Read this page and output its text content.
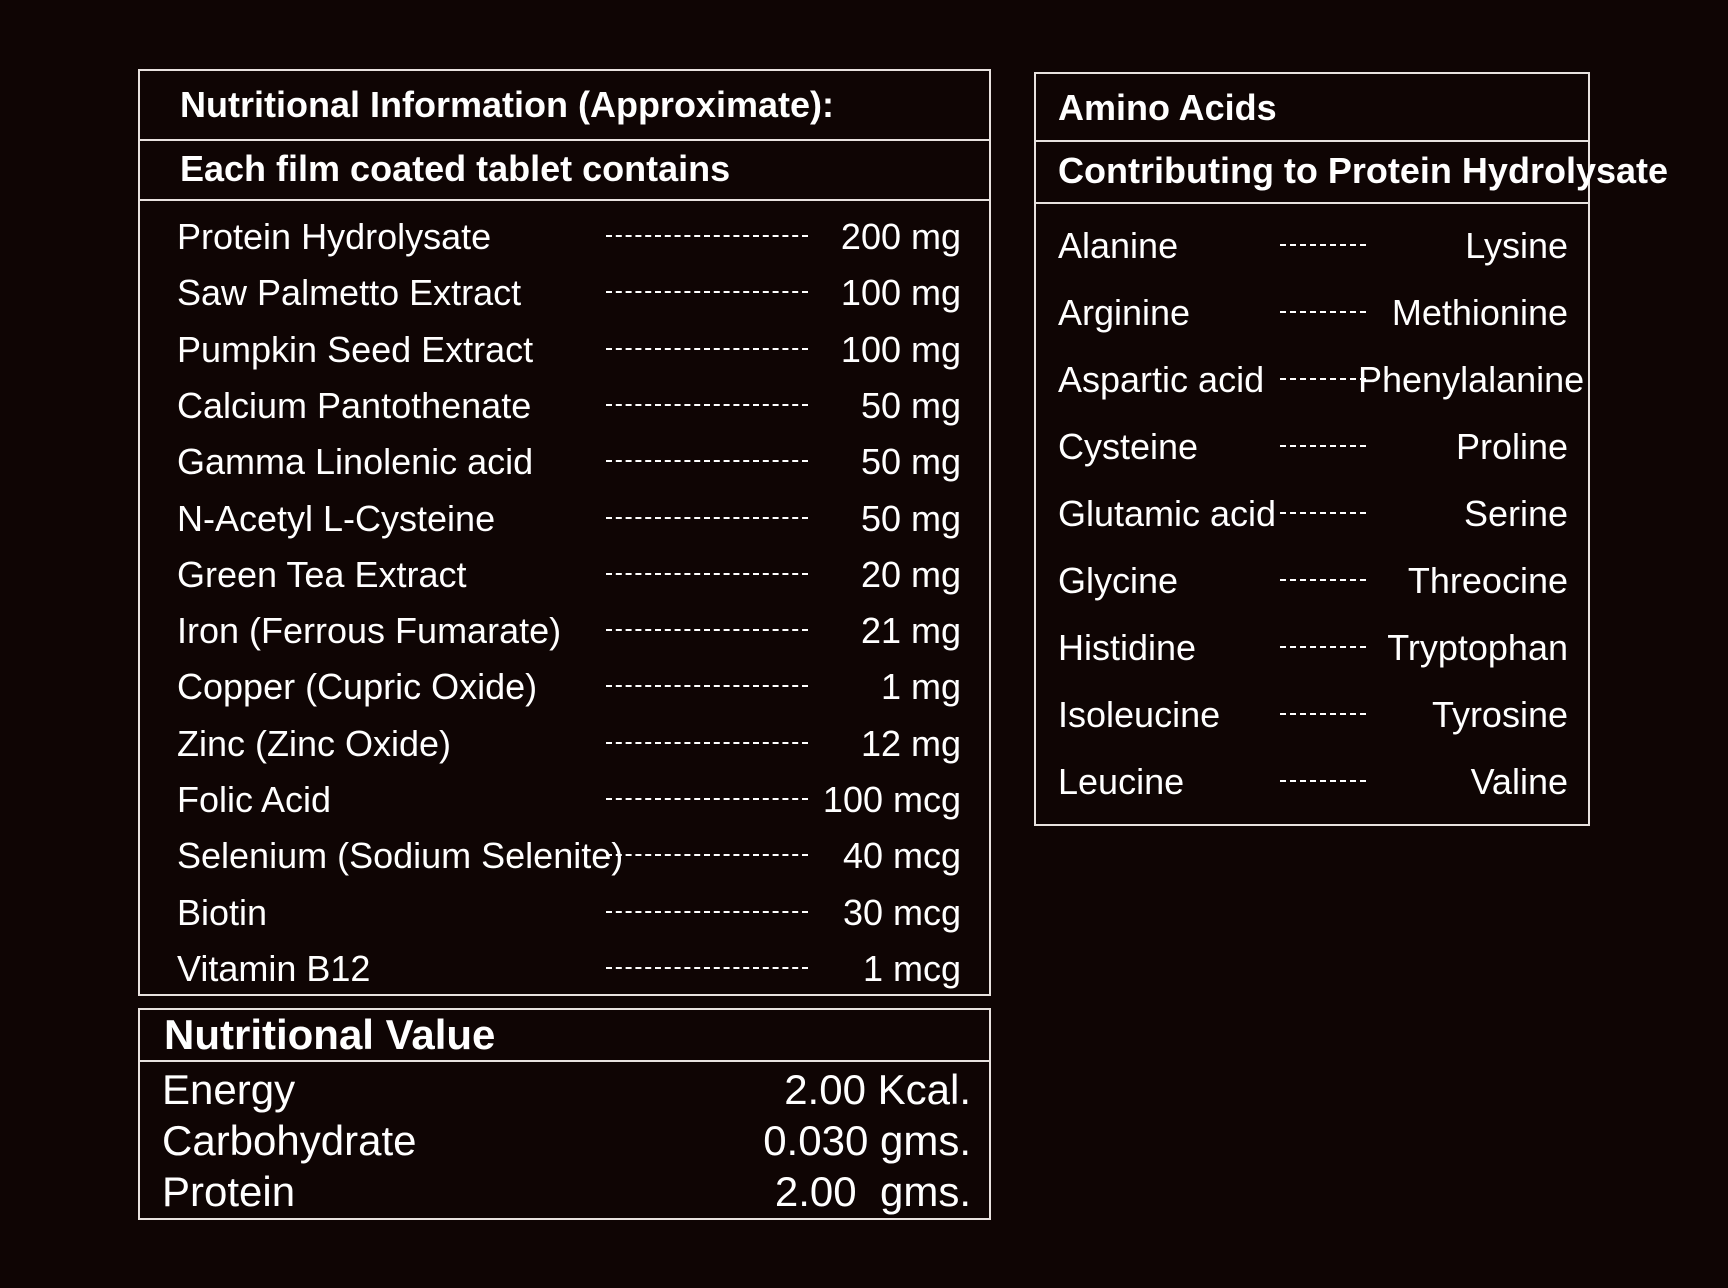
Nutritional Information (Approximate):
Each film coated tablet contains
Protein Hydrolysate	200 mg
Saw Palmetto Extract	100 mg
Pumpkin Seed Extract	100 mg
Calcium Pantothenate	50 mg
Gamma Linolenic acid	50 mg
N-Acetyl L-Cysteine	50 mg
Green Tea Extract	20 mg
Iron (Ferrous Fumarate)	21 mg
Copper (Cupric Oxide)	1 mg
Zinc (Zinc Oxide)	12 mg
Folic Acid	100 mcg
Selenium (Sodium Selenite)	40 mcg
Biotin	30 mcg
Vitamin B12	1 mcg
Nutritional Value
Energy	2.00 Kcal.
Carbohydrate	0.030 gms.
Protein	2.00  gms.
Amino Acids
Contributing to Protein Hydrolysate
Alanine	Lysine
Arginine	Methionine
Aspartic acid	Phenylalanine
Cysteine	Proline
Glutamic acid	Serine
Glycine	Threocine
Histidine	Tryptophan
Isoleucine	Tyrosine
Leucine	Valine
